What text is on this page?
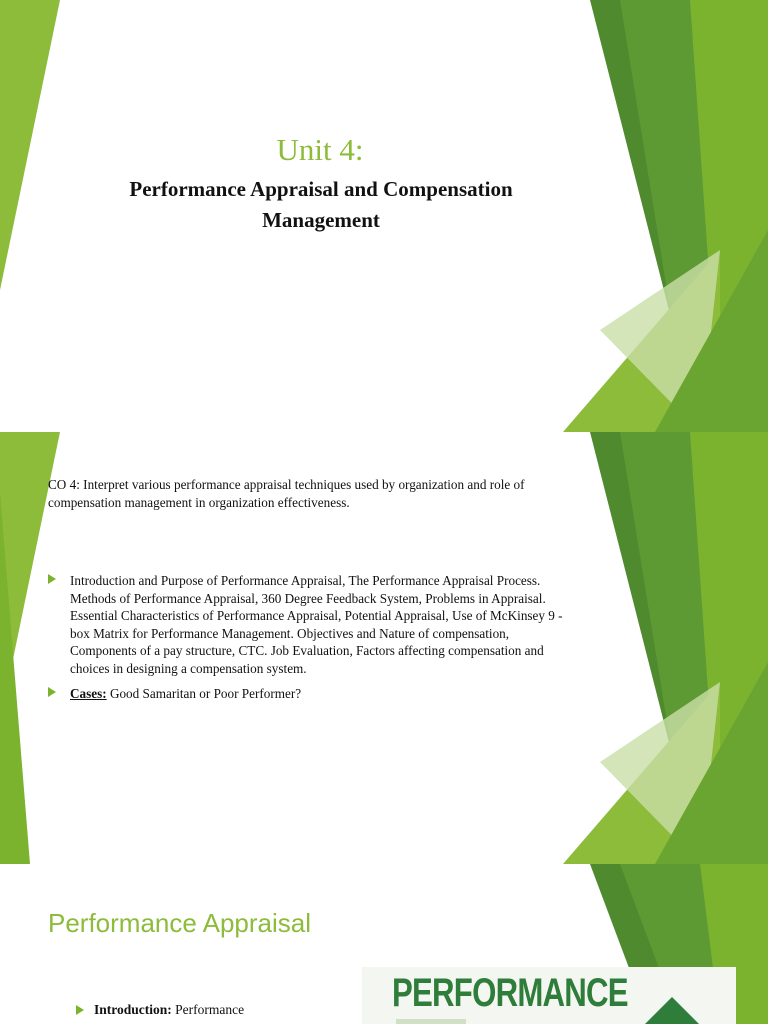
Unit 4:
Performance Appraisal and Compensation Management
CO 4: Interpret various performance appraisal techniques used by organization and role of compensation management in organization effectiveness.
Introduction and Purpose of Performance Appraisal, The Performance Appraisal Process. Methods of Performance Appraisal, 360 Degree Feedback System, Problems in Appraisal. Essential Characteristics of Performance Appraisal, Potential Appraisal, Use of McKinsey 9 - box Matrix for Performance Management. Objectives and Nature of compensation, Components of a pay structure, CTC. Job Evaluation, Factors affecting compensation and choices in designing a compensation system.
Cases: Good Samaritan or Poor Performer?
Performance Appraisal
Introduction: Performance	PERFORMANCE
